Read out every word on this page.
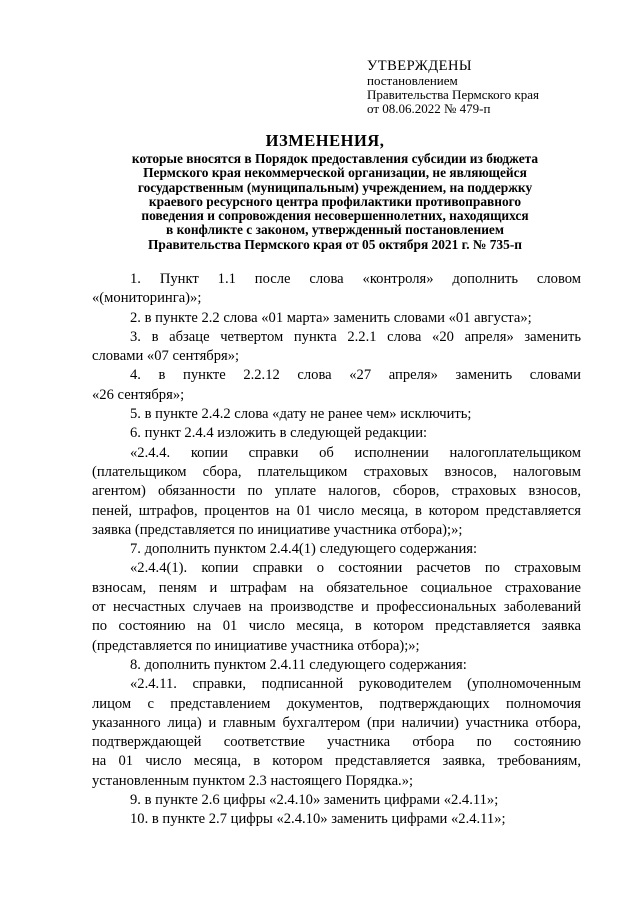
УТВЕРЖДЕНЫ
постановлением
Правительства Пермского края
от 08.06.2022 № 479-п
ИЗМЕНЕНИЯ,
которые вносятся в Порядок предоставления субсидии из бюджета
Пермского края некоммерческой организации, не являющейся
государственным (муниципальным) учреждением, на поддержку
краевого ресурсного центра профилактики противоправного
поведения и сопровождения несовершеннолетних, находящихся
в конфликте с законом, утвержденный постановлением
Правительства Пермского края от 05 октября 2021 г. № 735-п
1. Пункт 1.1 после слова «контроля» дополнить словом
«(мониторинга)»;

2. в пункте 2.2 слова «01 марта» заменить словами «01 августа»;

3. в абзаце четвертом пункта 2.2.1 слова «20 апреля» заменить
словами «07 сентября»;
4. в пункте 2.2.12 слова «27 апреля» заменить словами
«26 сентября»;

5. в пункте 2.4.2 слова «дату не ранее чем» исключить;

6. пункт 2.4.4 изложить в следующей редакции:

«2.4.4. копии справки об исполнении налогоплательщиком
(плательщиком сбора, плательщиком страховых взносов, налоговым
агентом) обязанности по уплате налогов, сборов, страховых взносов,
пеней, штрафов, процентов на 01 число месяца, в котором представляется
заявка (представляется по инициативе участника отбора);»;

7. дополнить пунктом 2.4.4(1) следующего содержания:

«2.4.4(1). копии справки о состоянии расчетов по страховым
взносам, пеням и штрафам на обязательное социальное страхование
от несчастных случаев на производстве и профессиональных заболеваний
по состоянию на 01 число месяца, в котором представляется заявка
(представляется по инициативе участника отбора);»;

8. дополнить пунктом 2.4.11 следующего содержания:

«2.4.11. справки, подписанной руководителем (уполномоченным
лицом с представлением документов, подтверждающих полномочия
указанного лица) и главным бухгалтером (при наличии) участника отбора,
подтверждающей соответствие участника отбора по состоянию
на 01 число месяца, в котором представляется заявка, требованиям,
установленным пунктом 2.3 настоящего Порядка.»;

9. в пункте 2.6 цифры «2.4.10» заменить цифрами «2.4.11»;

10. в пункте 2.7 цифры «2.4.10» заменить цифрами «2.4.11»;
